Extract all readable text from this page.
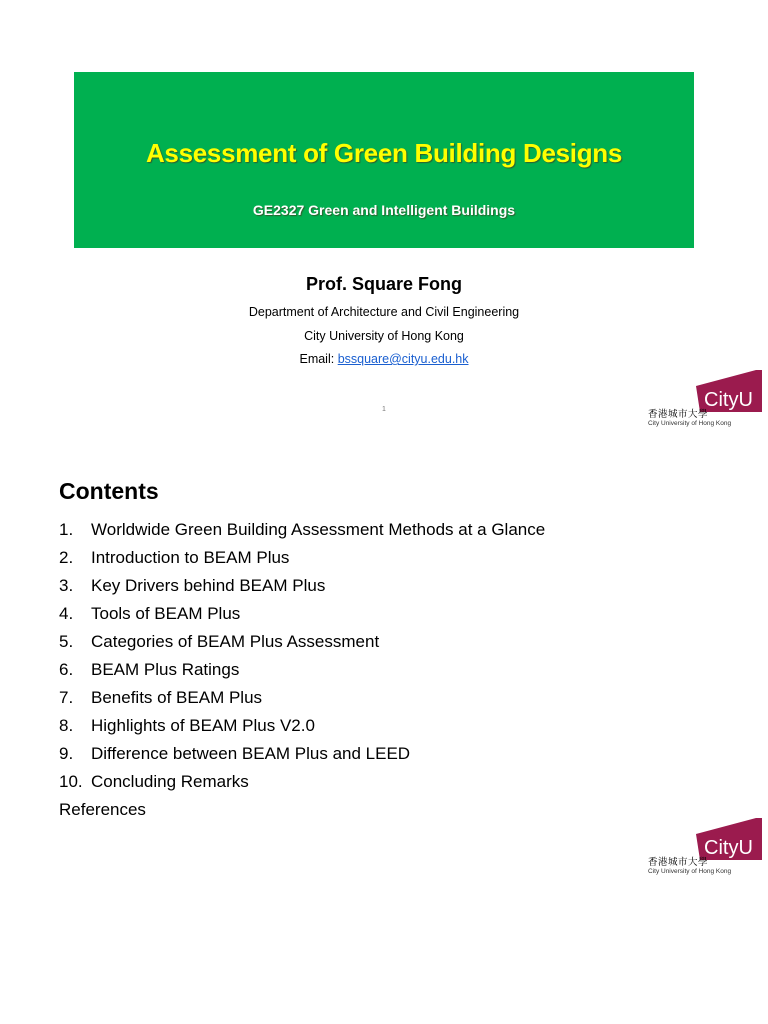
Assessment of Green Building Designs
GE2327 Green and Intelligent Buildings
Prof. Square Fong
Department of Architecture and Civil Engineering
City University of Hong Kong
Email: bssquare@cityu.edu.hk
1	CityU
香港城市大學
City University of Hong Kong
Contents
1. Worldwide Green Building Assessment Methods at a Glance
2. Introduction to BEAM Plus
3. Key Drivers behind BEAM Plus
4. Tools of BEAM Plus
5. Categories of BEAM Plus Assessment
6. BEAM Plus Ratings
7. Benefits of BEAM Plus
8. Highlights of BEAM Plus V2.0
9. Difference between BEAM Plus and LEED
10. Concluding Remarks
References
CityU
香港城市大學
City University of Hong Kong
